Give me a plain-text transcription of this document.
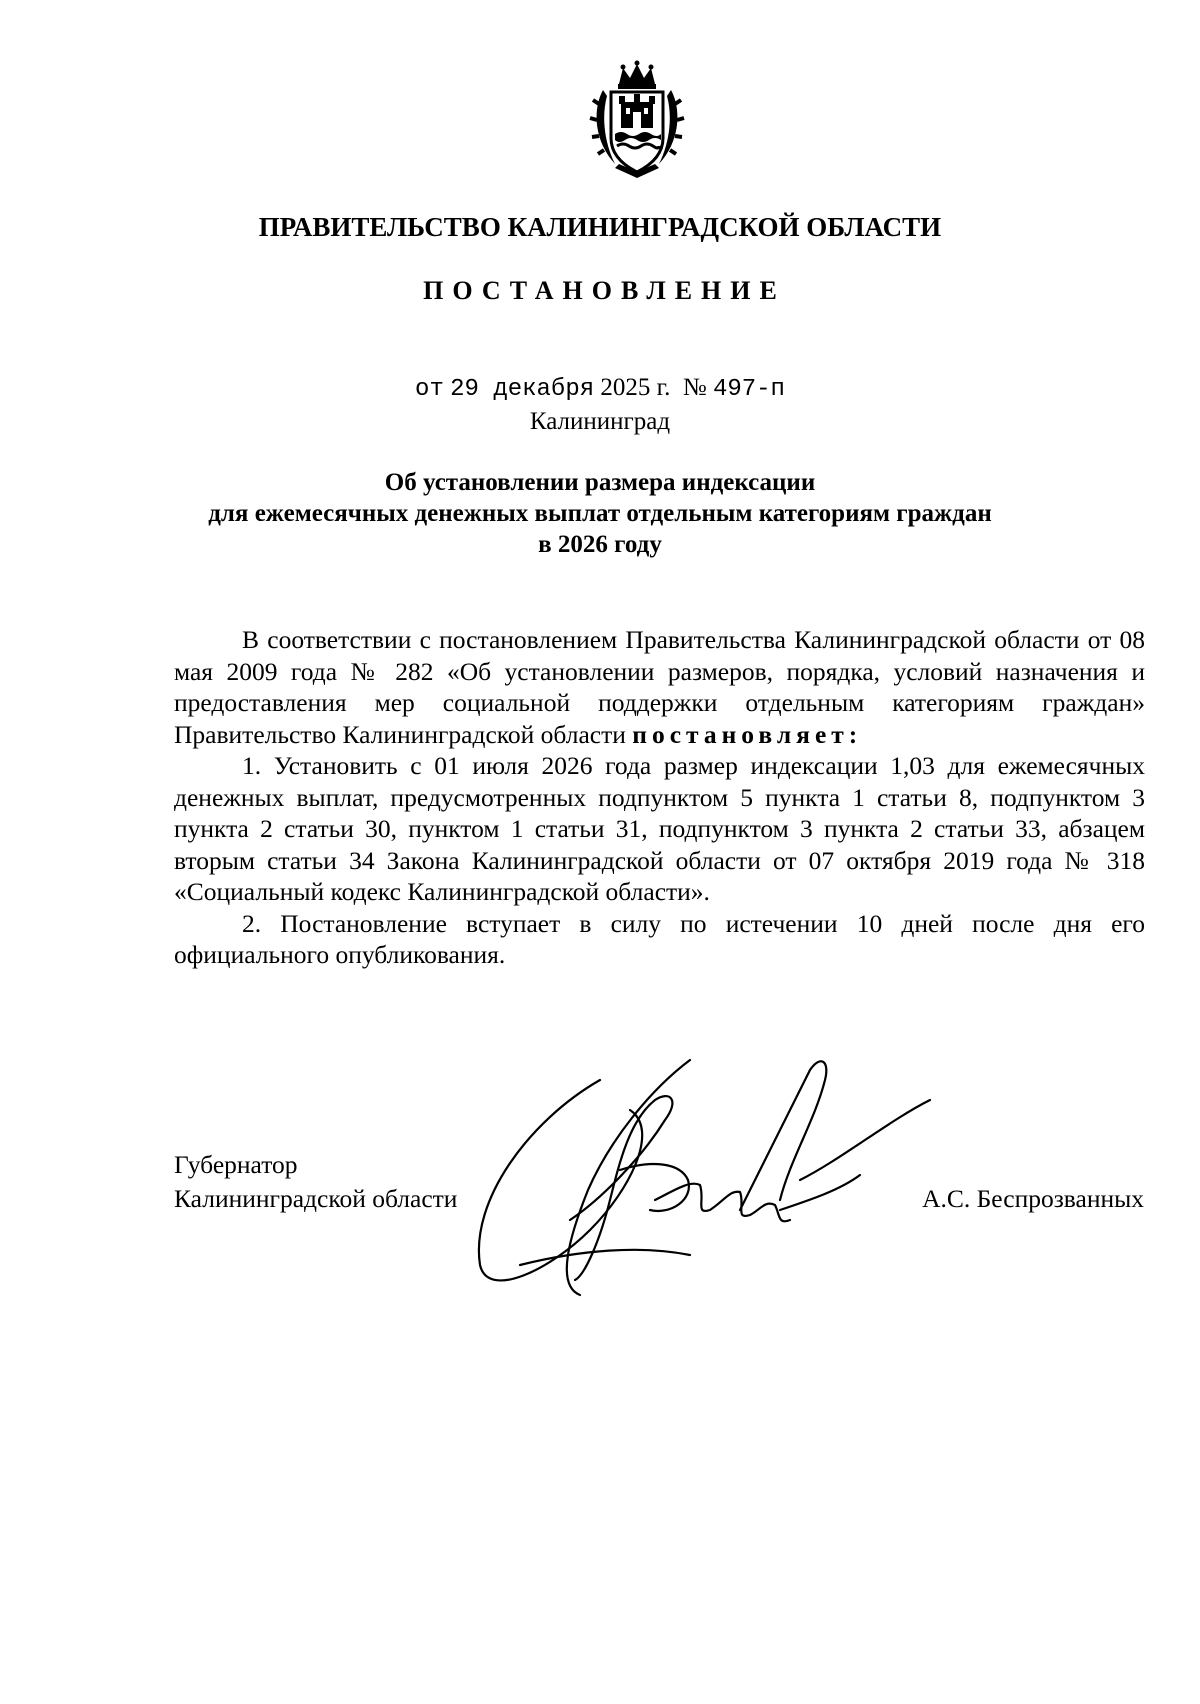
ПРАВИТЕЛЬСТВО КАЛИНИНГРАДСКОЙ ОБЛАСТИ
ПОСТАНОВЛЕНИЕ
от 29 декабря 2025 г. № 497-п
Калининград
Об установлении размера индексации
для ежемесячных денежных выплат отдельным категориям граждан
в 2026 году

В соответствии с постановлением Правительства Калининградской области от 08 мая 2009 года № 282 «Об установлении размеров, порядка, условий назначения и предоставления мер социальной поддержки отдельным категориям граждан» Правительство Калининградской области постановляет:

1. Установить с 01 июля 2026 года размер индексации 1,03 для ежемесячных денежных выплат, предусмотренных подпунктом 5 пункта 1 статьи 8, подпунктом 3 пункта 2 статьи 30, пунктом 1 статьи 31, подпунктом 3 пункта 2 статьи 33, абзацем вторым статьи 34 Закона Калининградской области от 07 октября 2019 года № 318 «Социальный кодекс Калининградской области».

2. Постановление вступает в силу по истечении 10 дней после дня его официального опубликования.

Губернатор
Калининградской области	А.С. Беспрозванных
